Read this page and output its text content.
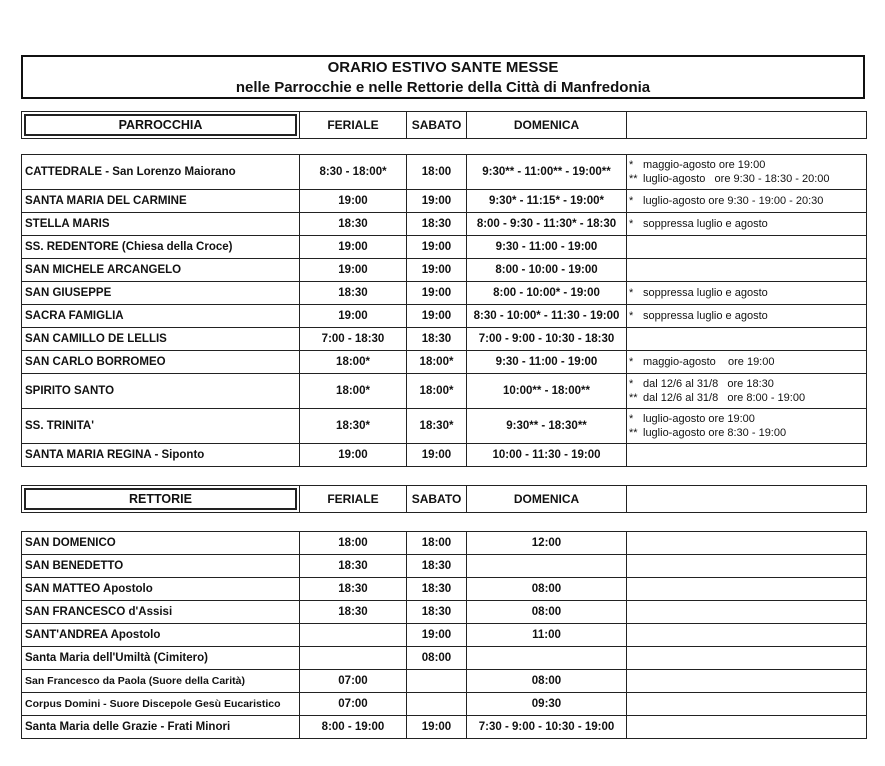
ORARIO ESTIVO SANTE MESSE
nelle Parrocchie e nelle Rettorie della Città di Manfredonia
PARROCCHIA	FERIALE	SABATO	DOMENICA	
CATTEDRALE - San Lorenzo Maiorano	8:30 - 18:00*	18:00	9:30** - 11:00** - 19:00**	* maggio-agosto ore 19:00
** luglio-agosto   ore 9:30 - 18:30 - 20:00

SANTA MARIA DEL CARMINE	19:00	19:00	9:30* - 11:15* - 19:00*	* luglio-agosto ore 9:30 - 19:00 - 20:30

STELLA MARIS	18:30	18:30	8:00 - 9:30 - 11:30* - 18:30	* soppressa luglio e agosto

SS. REDENTORE (Chiesa della Croce)	19:00	19:00	9:30 - 11:00 - 19:00	
SAN MICHELE ARCANGELO	19:00	19:00	8:00 - 10:00 - 19:00	
SAN GIUSEPPE	18:30	19:00	8:00 - 10:00* - 19:00	* soppressa luglio e agosto

SACRA FAMIGLIA	19:00	19:00	8:30 - 10:00* - 11:30 - 19:00	* soppressa luglio e agosto

SAN CAMILLO DE LELLIS	7:00 - 18:30	18:30	7:00 - 9:00 - 10:30 - 18:30	
SAN CARLO BORROMEO	18:00*	18:00*	9:30 - 11:00 - 19:00	* maggio-agosto    ore 19:00

SPIRITO SANTO	18:00*	18:00*	10:00** - 18:00**	* dal 12/6 al 31/8   ore 18:30
** dal 12/6 al 31/8   ore 8:00 - 19:00

SS. TRINITA'	18:30*	18:30*	9:30** - 18:30**	* luglio-agosto ore 19:00
** luglio-agosto ore 8:30 - 19:00

SANTA MARIA REGINA - Siponto	19:00	19:00	10:00 - 11:30 - 19:00	
RETTORIE	FERIALE	SABATO	DOMENICA	
SAN DOMENICO	18:00	18:00	12:00	
SAN BENEDETTO	18:30	18:30		
SAN MATTEO Apostolo	18:30	18:30	08:00	
SAN FRANCESCO d'Assisi	18:30	18:30	08:00	
SANT'ANDREA Apostolo		19:00	11:00	
Santa Maria dell'Umiltà (Cimitero)		08:00		
San Francesco da Paola (Suore della Carità)	07:00		08:00	
Corpus Domini - Suore Discepole Gesù Eucaristico	07:00		09:30	
Santa Maria delle Grazie - Frati Minori	8:00 - 19:00	19:00	7:30 - 9:00 - 10:30 - 19:00	
